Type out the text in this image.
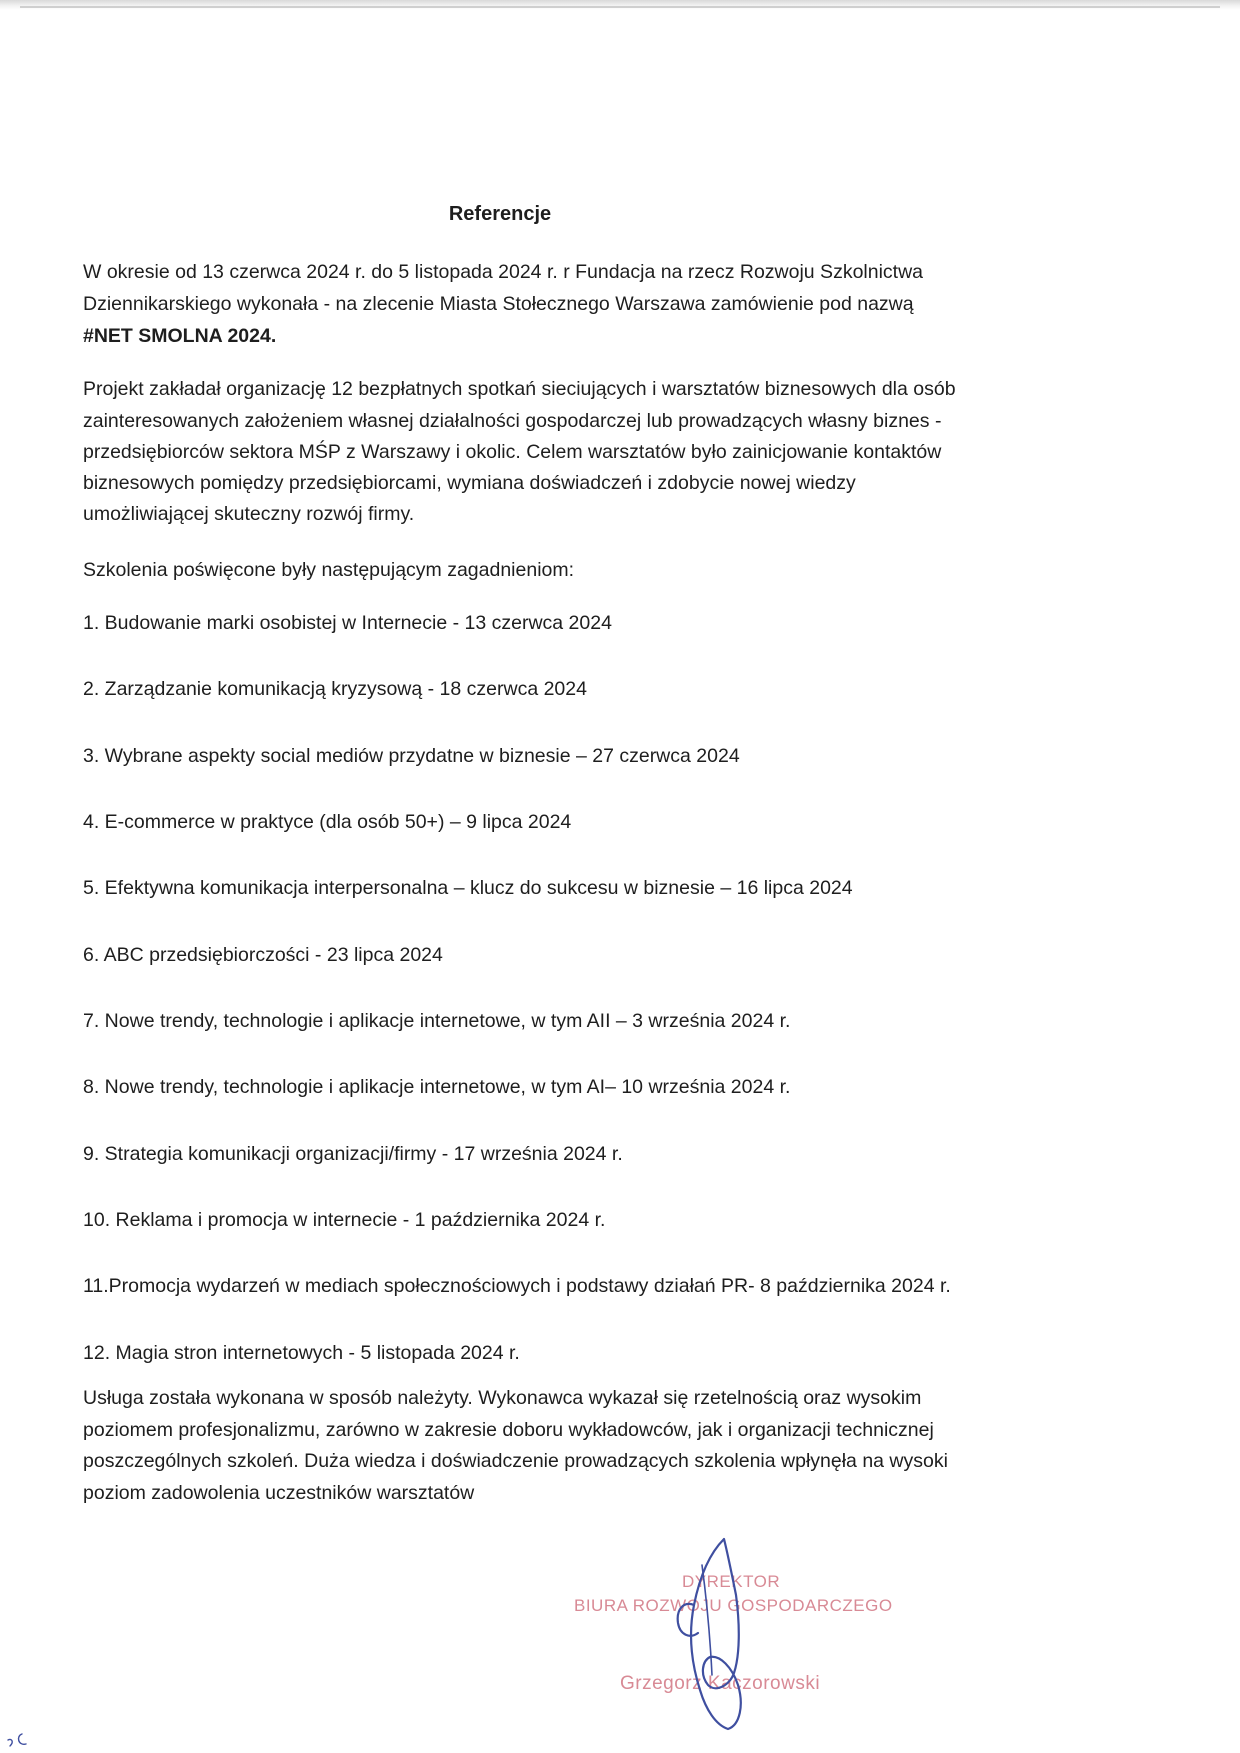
Referencje
W okresie od 13 czerwca 2024 r. do 5 listopada 2024 r. r Fundacja na rzecz Rozwoju Szkolnictwa
Dziennikarskiego wykonała - na zlecenie Miasta Stołecznego Warszawa zamówienie pod nazwą
#NET SMOLNA 2024.
Projekt zakładał organizację 12 bezpłatnych spotkań sieciujących i warsztatów biznesowych dla osób
zainteresowanych założeniem własnej działalności gospodarczej lub prowadzących własny biznes -
przedsiębiorców sektora MŚP z Warszawy i okolic. Celem warsztatów było zainicjowanie kontaktów
biznesowych pomiędzy przedsiębiorcami, wymiana doświadczeń i zdobycie nowej wiedzy
umożliwiającej skuteczny rozwój firmy.
Szkolenia poświęcone były następującym zagadnieniom:
1. Budowanie marki osobistej w Internecie - 13 czerwca 2024
2. Zarządzanie komunikacją kryzysową - 18 czerwca 2024
3. Wybrane aspekty social mediów przydatne w biznesie – 27 czerwca 2024
4. E-commerce w praktyce (dla osób 50+) – 9 lipca 2024
5. Efektywna komunikacja interpersonalna – klucz do sukcesu w biznesie – 16 lipca 2024
6. ABC przedsiębiorczości - 23 lipca 2024
7. Nowe trendy, technologie i aplikacje internetowe, w tym AII – 3 września 2024 r.
8. Nowe trendy, technologie i aplikacje internetowe, w tym AI– 10 września 2024 r.
9. Strategia komunikacji organizacji/firmy - 17 września 2024 r.
10. Reklama i promocja w internecie - 1 października 2024 r.
11.Promocja wydarzeń w mediach społecznościowych i podstawy działań PR- 8 października 2024 r.
12. Magia stron internetowych - 5 listopada 2024 r.
Usługa została wykonana w sposób należyty. Wykonawca wykazał się rzetelnością oraz wysokim
poziomem profesjonalizmu, zarówno w zakresie doboru wykładowców, jak i organizacji technicznej
poszczególnych szkoleń. Duża wiedza i doświadczenie prowadzących szkolenia wpłynęła na wysoki
poziom zadowolenia uczestników warsztatów
DYREKTOR
BIURA ROZWOJU GOSPODARCZEGO
Grzegorz Kaczorowski
